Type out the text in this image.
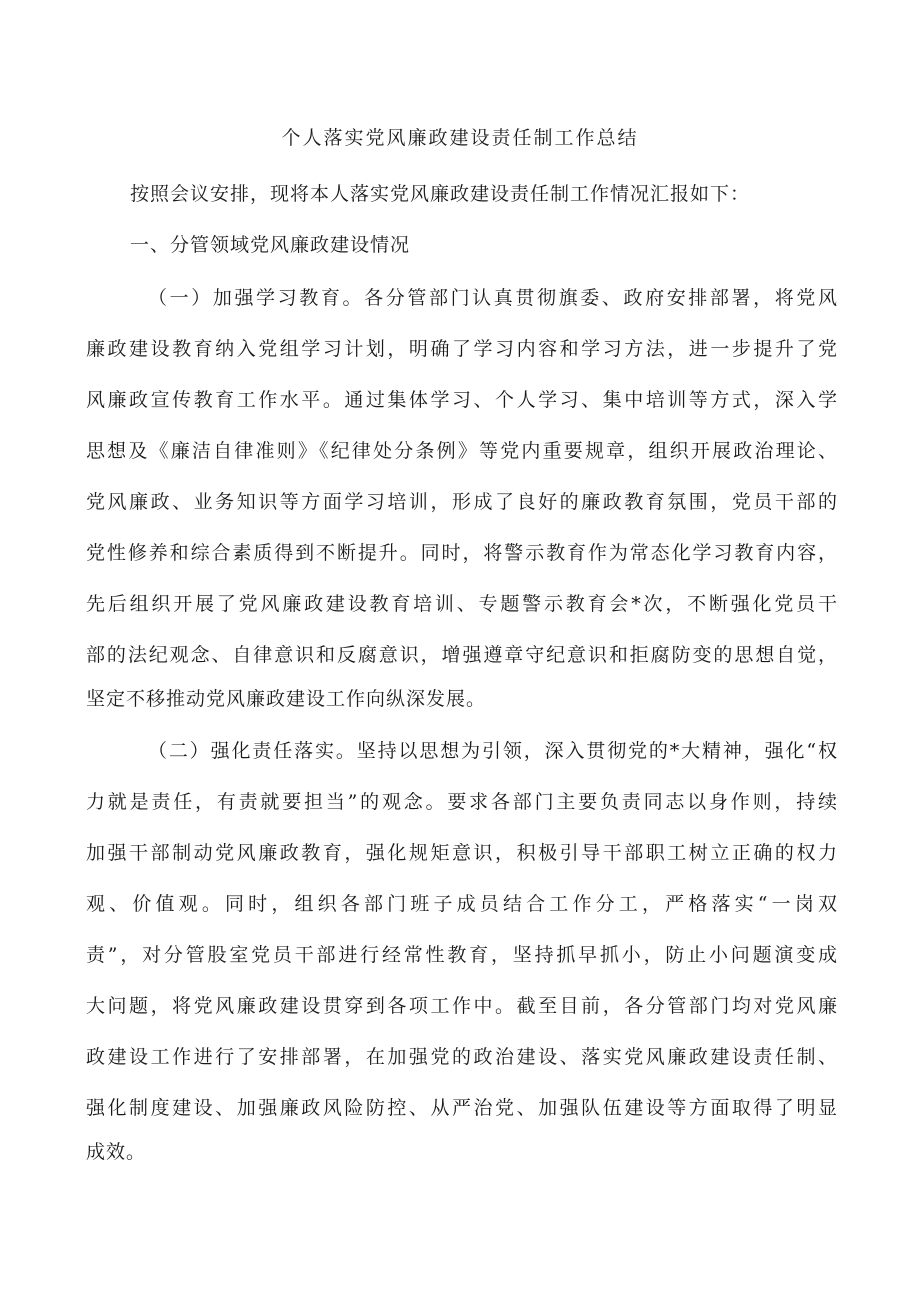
个人落实党风廉政建设责任制工作总结
按照会议安排，现将本人落实党风廉政建设责任制工作情况汇报如下：
一、分管领域党风廉政建设情况
（一）加强学习教育。各分管部门认真贯彻旗委、政府安排部署，将党风
廉政建设教育纳入党组学习计划，明确了学习内容和学习方法，进一步提升了党
风廉政宣传教育工作水平。通过集体学习、个人学习、集中培训等方式，深入学
思想及《廉洁自律准则》《纪律处分条例》等党内重要规章，组织开展政治理论、
党风廉政、业务知识等方面学习培训，形成了良好的廉政教育氛围，党员干部的
党性修养和综合素质得到不断提升。同时，将警示教育作为常态化学习教育内容，
先后组织开展了党风廉政建设教育培训、专题警示教育会*次，不断强化党员干
部的法纪观念、自律意识和反腐意识，增强遵章守纪意识和拒腐防变的思想自觉，
坚定不移推动党风廉政建设工作向纵深发展。
（二）强化责任落实。坚持以思想为引领，深入贯彻党的*大精神，强化“权
力就是责任，有责就要担当”的观念。要求各部门主要负责同志以身作则，持续
加强干部制动党风廉政教育，强化规矩意识，积极引导干部职工树立正确的权力
观、价值观。同时，组织各部门班子成员结合工作分工，严格落实“一岗双
责”，对分管股室党员干部进行经常性教育，坚持抓早抓小，防止小问题演变成
大问题，将党风廉政建设贯穿到各项工作中。截至目前，各分管部门均对党风廉
政建设工作进行了安排部署，在加强党的政治建设、落实党风廉政建设责任制、
强化制度建设、加强廉政风险防控、从严治党、加强队伍建设等方面取得了明显
成效。
